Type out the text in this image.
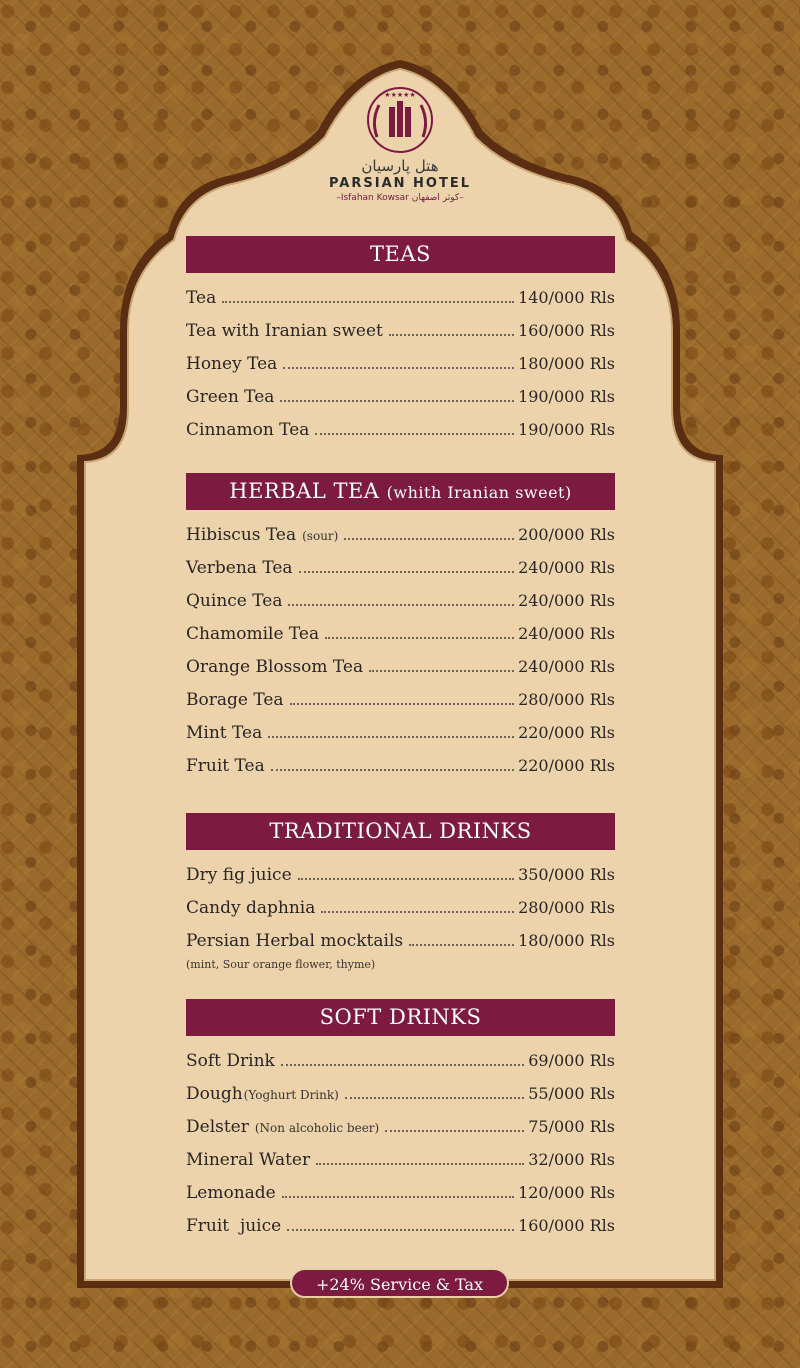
★★★★★
هتل پارسیان
PARSIAN HOTEL
–Isfahan Kowsar کوثر اصفهان–
TEAS
Tea	140/000 Rls
Tea with Iranian sweet	160/000 Rls
Honey Tea	180/000 Rls
Green Tea	190/000 Rls
Cinnamon Tea	190/000 Rls
HERBAL TEA (whith Iranian sweet)
Hibiscus Tea (sour)	200/000 Rls
Verbena Tea	240/000 Rls
Quince Tea	240/000 Rls
Chamomile Tea	240/000 Rls
Orange Blossom Tea	240/000 Rls
Borage Tea	280/000 Rls
Mint Tea	220/000 Rls
Fruit Tea	220/000 Rls
TRADITIONAL DRINKS
Dry fig juice	350/000 Rls
Candy daphnia	280/000 Rls
Persian Herbal mocktails	180/000 Rls
(mint, Sour orange flower, thyme)
SOFT DRINKS
Soft Drink	69/000 Rls
Dough (Yoghurt Drink)	55/000 Rls
Delster (Non alcoholic beer)	75/000 Rls
Mineral Water	32/000 Rls
Lemonade	120/000 Rls
Fruit  juice	160/000 Rls
+24% Service & Tax
